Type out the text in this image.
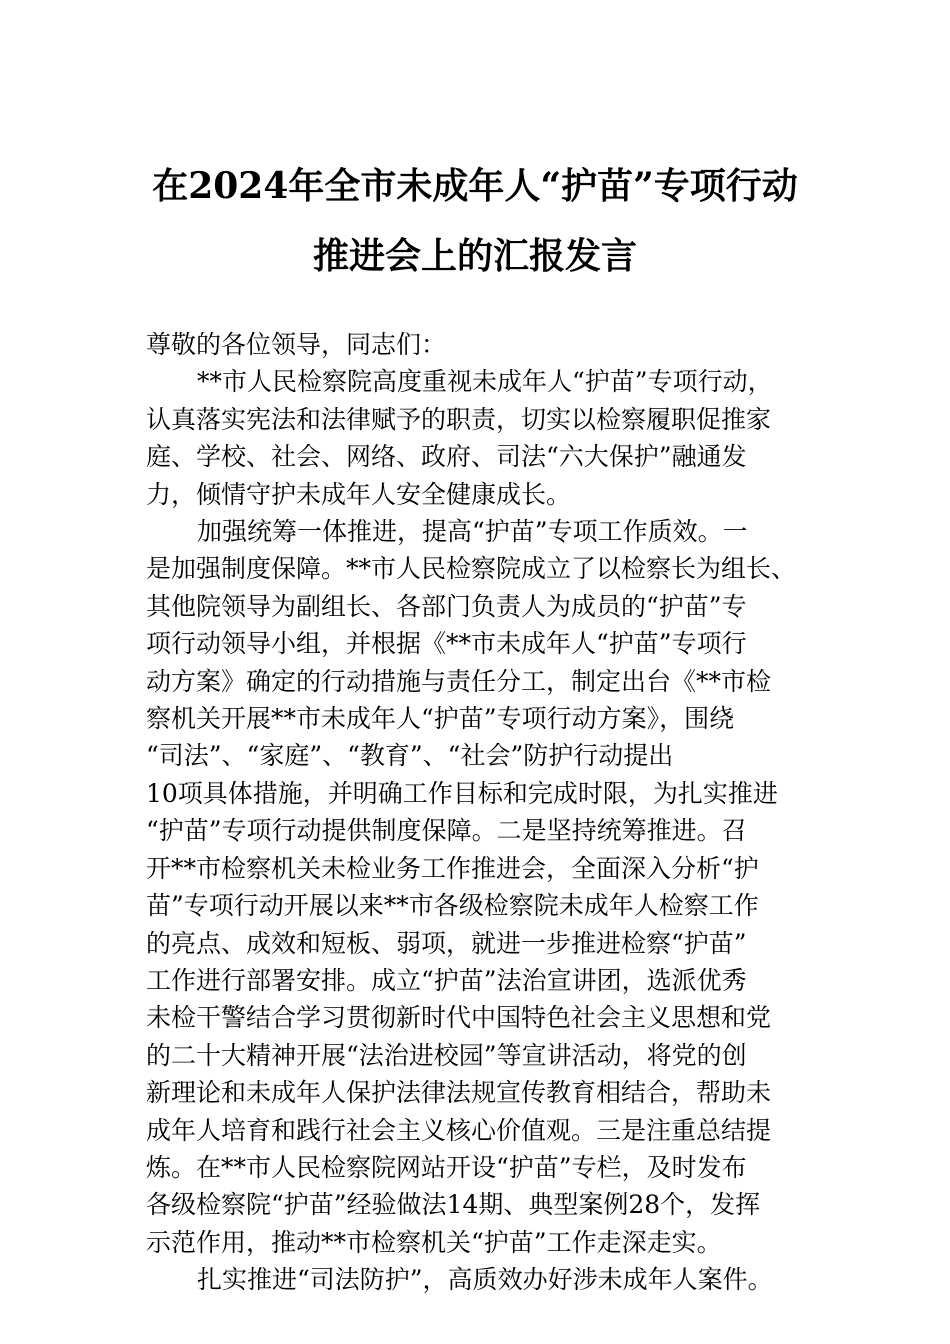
在2024年全市未成年人“护苗”专项行动
推进会上的汇报发言

尊敬的各位领导，同志们：

**市人民检察院高度重视未成年人“护苗”专项行动，
认真落实宪法和法律赋予的职责，切实以检察履职促推家
庭、学校、社会、网络、政府、司法“六大保护”融通发
力，倾情守护未成年人安全健康成长。

加强统筹一体推进，提高“护苗”专项工作质效。一
是加强制度保障。**市人民检察院成立了以检察长为组长、
其他院领导为副组长、各部门负责人为成员的“护苗”专
项行动领导小组，并根据《**市未成年人“护苗”专项行
动方案》确定的行动措施与责任分工，制定出台《**市检
察机关开展**市未成年人“护苗”专项行动方案》，围绕
“司法”、“家庭”、“教育”、“社会”防护行动提出
10项具体措施，并明确工作目标和完成时限，为扎实推进
“护苗”专项行动提供制度保障。二是坚持统筹推进。召
开**市检察机关未检业务工作推进会，全面深入分析“护
苗”专项行动开展以来**市各级检察院未成年人检察工作
的亮点、成效和短板、弱项，就进一步推进检察“护苗”
工作进行部署安排。成立“护苗”法治宣讲团，选派优秀
未检干警结合学习贯彻新时代中国特色社会主义思想和党
的二十大精神开展“法治进校园”等宣讲活动，将党的创
新理论和未成年人保护法律法规宣传教育相结合，帮助未
成年人培育和践行社会主义核心价值观。三是注重总结提
炼。在**市人民检察院网站开设“护苗”专栏，及时发布
各级检察院“护苗”经验做法14期、典型案例28个，发挥
示范作用，推动**市检察机关“护苗”工作走深走实。

扎实推进“司法防护”，高质效办好涉未成年人案件。
